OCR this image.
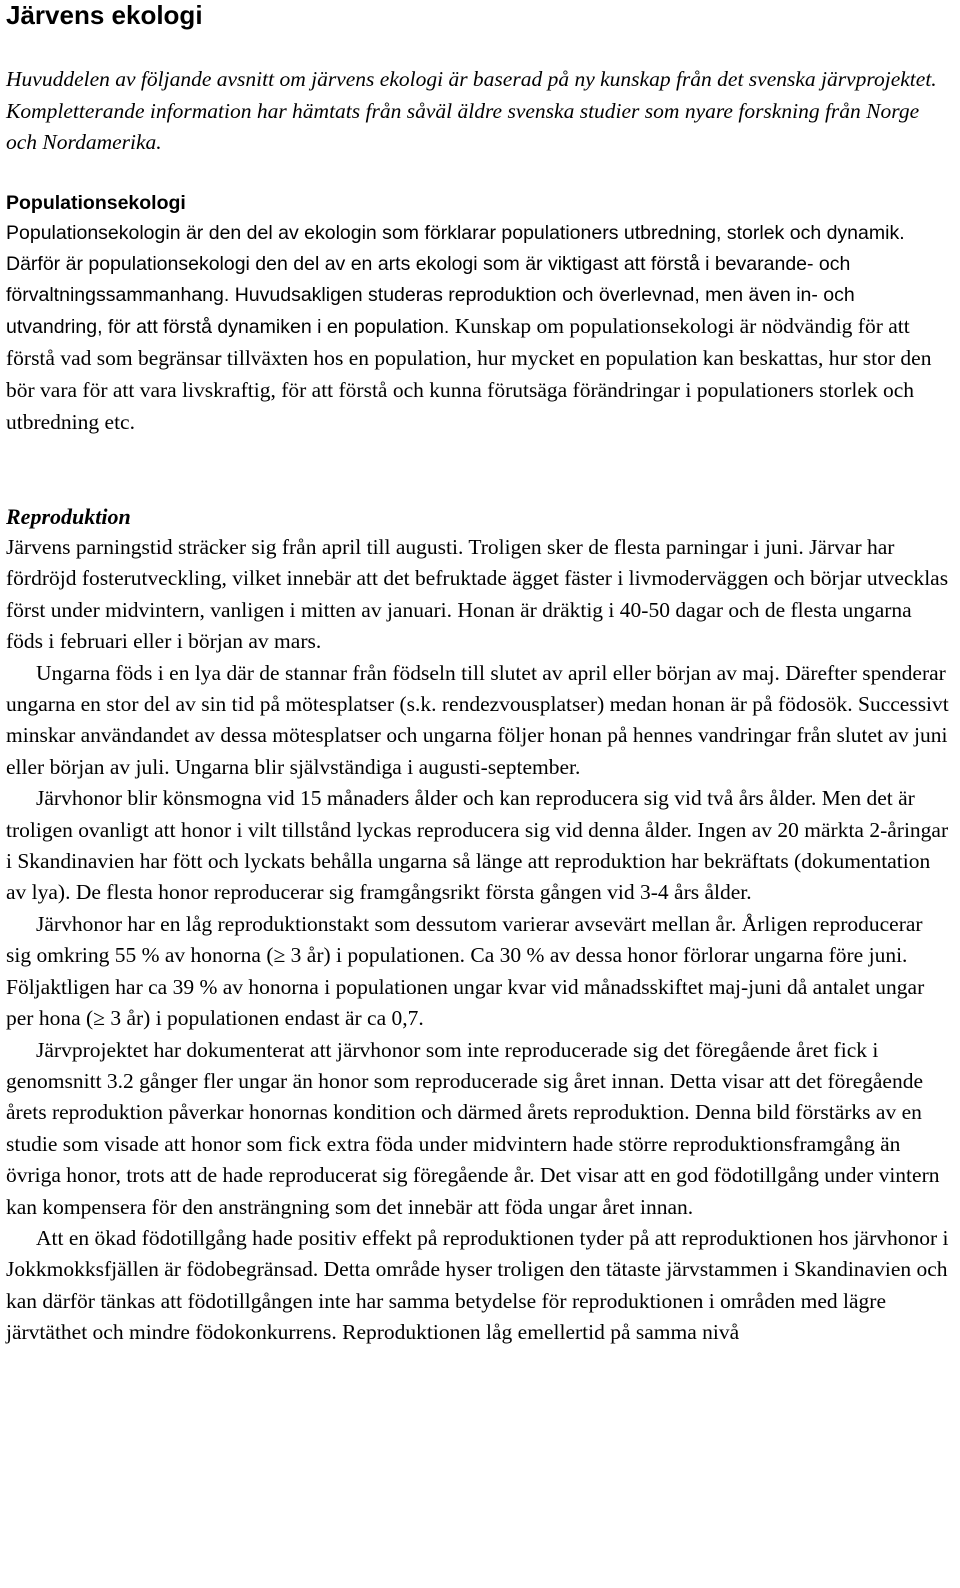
Järvens ekologi

Huvuddelen av följande avsnitt om järvens ekologi är baserad på ny kunskap från det svenska järvprojektet. Kompletterande information har hämtats från såväl äldre svenska studier som nyare forskning från Norge och Nordamerika.

Populationsekologi

Populationsekologin är den del av ekologin som förklarar populationers utbredning, storlek och dynamik. Därför är populationsekologi den del av en arts ekologi som är viktigast att förstå i bevarande- och förvaltningssammanhang. Huvudsakligen studeras reproduktion och överlevnad, men även in- och utvandring, för att förstå dynamiken i en population. Kunskap om populationsekologi är nödvändig för att förstå vad som begränsar tillväxten hos en population, hur mycket en population kan beskattas, hur stor den bör vara för att vara livskraftig, för att förstå och kunna förutsäga förändringar i populationers storlek och utbredning etc.

Reproduktion

Järvens parningstid sträcker sig från april till augusti. Troligen sker de flesta parningar i juni. Järvar har fördröjd fosterutveckling, vilket innebär att det befruktade ägget fäster i livmoderväggen och börjar utvecklas först under midvintern, vanligen i mitten av januari. Honan är dräktig i 40-50 dagar och de flesta ungarna föds i februari eller i början av mars.

Ungarna föds i en lya där de stannar från födseln till slutet av april eller början av maj. Därefter spenderar ungarna en stor del av sin tid på mötesplatser (s.k. rendezvousplatser) medan honan är på födosök. Successivt minskar användandet av dessa mötesplatser och ungarna följer honan på hennes vandringar från slutet av juni eller början av juli. Ungarna blir självständiga i augusti-september.

Järvhonor blir könsmogna vid 15 månaders ålder och kan reproducera sig vid två års ålder. Men det är troligen ovanligt att honor i vilt tillstånd lyckas reproducera sig vid denna ålder. Ingen av 20 märkta 2-åringar i Skandinavien har fött och lyckats behålla ungarna så länge att reproduktion har bekräftats (dokumentation av lya). De flesta honor reproducerar sig framgångsrikt första gången vid 3-4 års ålder.

Järvhonor har en låg reproduktionstakt som dessutom varierar avsevärt mellan år. Årligen reproducerar sig omkring 55 % av honorna (≥ 3 år) i populationen. Ca 30 % av dessa honor förlorar ungarna före juni. Följaktligen har ca 39 % av honorna i populationen ungar kvar vid månadsskiftet maj-juni då antalet ungar per hona (≥ 3 år) i populationen endast är ca 0,7.

Järvprojektet har dokumenterat att järvhonor som inte reproducerade sig det föregående året fick i genomsnitt 3.2 gånger fler ungar än honor som reproducerade sig året innan. Detta visar att det föregående årets reproduktion påverkar honornas kondition och därmed årets reproduktion. Denna bild förstärks av en studie som visade att honor som fick extra föda under midvintern hade större reproduktionsframgång än övriga honor, trots att de hade reproducerat sig föregående år. Det visar att en god födotillgång under vintern kan kompensera för den ansträngning som det innebär att föda ungar året innan.

Att en ökad födotillgång hade positiv effekt på reproduktionen tyder på att reproduktionen hos järvhonor i Jokkmokksfjällen är födobegränsad. Detta område hyser troligen den tätaste järvstammen i Skandinavien och kan därför tänkas att födotillgången inte har samma betydelse för reproduktionen i områden med lägre järvtäthet och mindre födokonkurrens. Reproduktionen låg emellertid på samma nivå
